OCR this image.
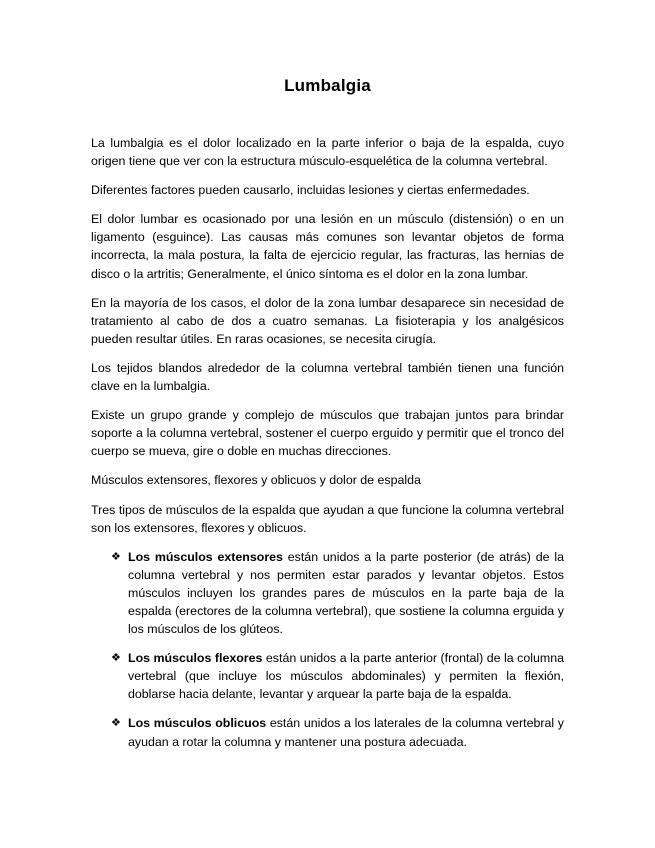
Lumbalgia

La lumbalgia es el dolor localizado en la parte inferior o baja de la espalda, cuyo origen tiene que ver con la estructura músculo-esquelética de la columna vertebral.

Diferentes factores pueden causarlo, incluidas lesiones y ciertas enfermedades.

El dolor lumbar es ocasionado por una lesión en un músculo (distensión) o en un ligamento (esguince). Las causas más comunes son levantar objetos de forma incorrecta, la mala postura, la falta de ejercicio regular, las fracturas, las hernias de disco o la artritis; Generalmente, el único síntoma es el dolor en la zona lumbar.

En la mayoría de los casos, el dolor de la zona lumbar desaparece sin necesidad de tratamiento al cabo de dos a cuatro semanas. La fisioterapia y los analgésicos pueden resultar útiles. En raras ocasiones, se necesita cirugía.

Los tejidos blandos alrededor de la columna vertebral también tienen una función clave en la lumbalgia.

Existe un grupo grande y complejo de músculos que trabajan juntos para brindar soporte a la columna vertebral, sostener el cuerpo erguido y permitir que el tronco del cuerpo se mueva, gire o doble en muchas direcciones.

Músculos extensores, flexores y oblicuos y dolor de espalda

Tres tipos de músculos de la espalda que ayudan a que funcione la columna vertebral son los extensores, flexores y oblicuos.

❖ Los músculos extensores están unidos a la parte posterior (de atrás) de la columna vertebral y nos permiten estar parados y levantar objetos. Estos músculos incluyen los grandes pares de músculos en la parte baja de la espalda (erectores de la columna vertebral), que sostiene la columna erguida y los músculos de los glúteos.
❖ Los músculos flexores están unidos a la parte anterior (frontal) de la columna vertebral (que incluye los músculos abdominales) y permiten la flexión, doblarse hacia delante, levantar y arquear la parte baja de la espalda.
❖ Los músculos oblicuos están unidos a los laterales de la columna vertebral y ayudan a rotar la columna y mantener una postura adecuada.
